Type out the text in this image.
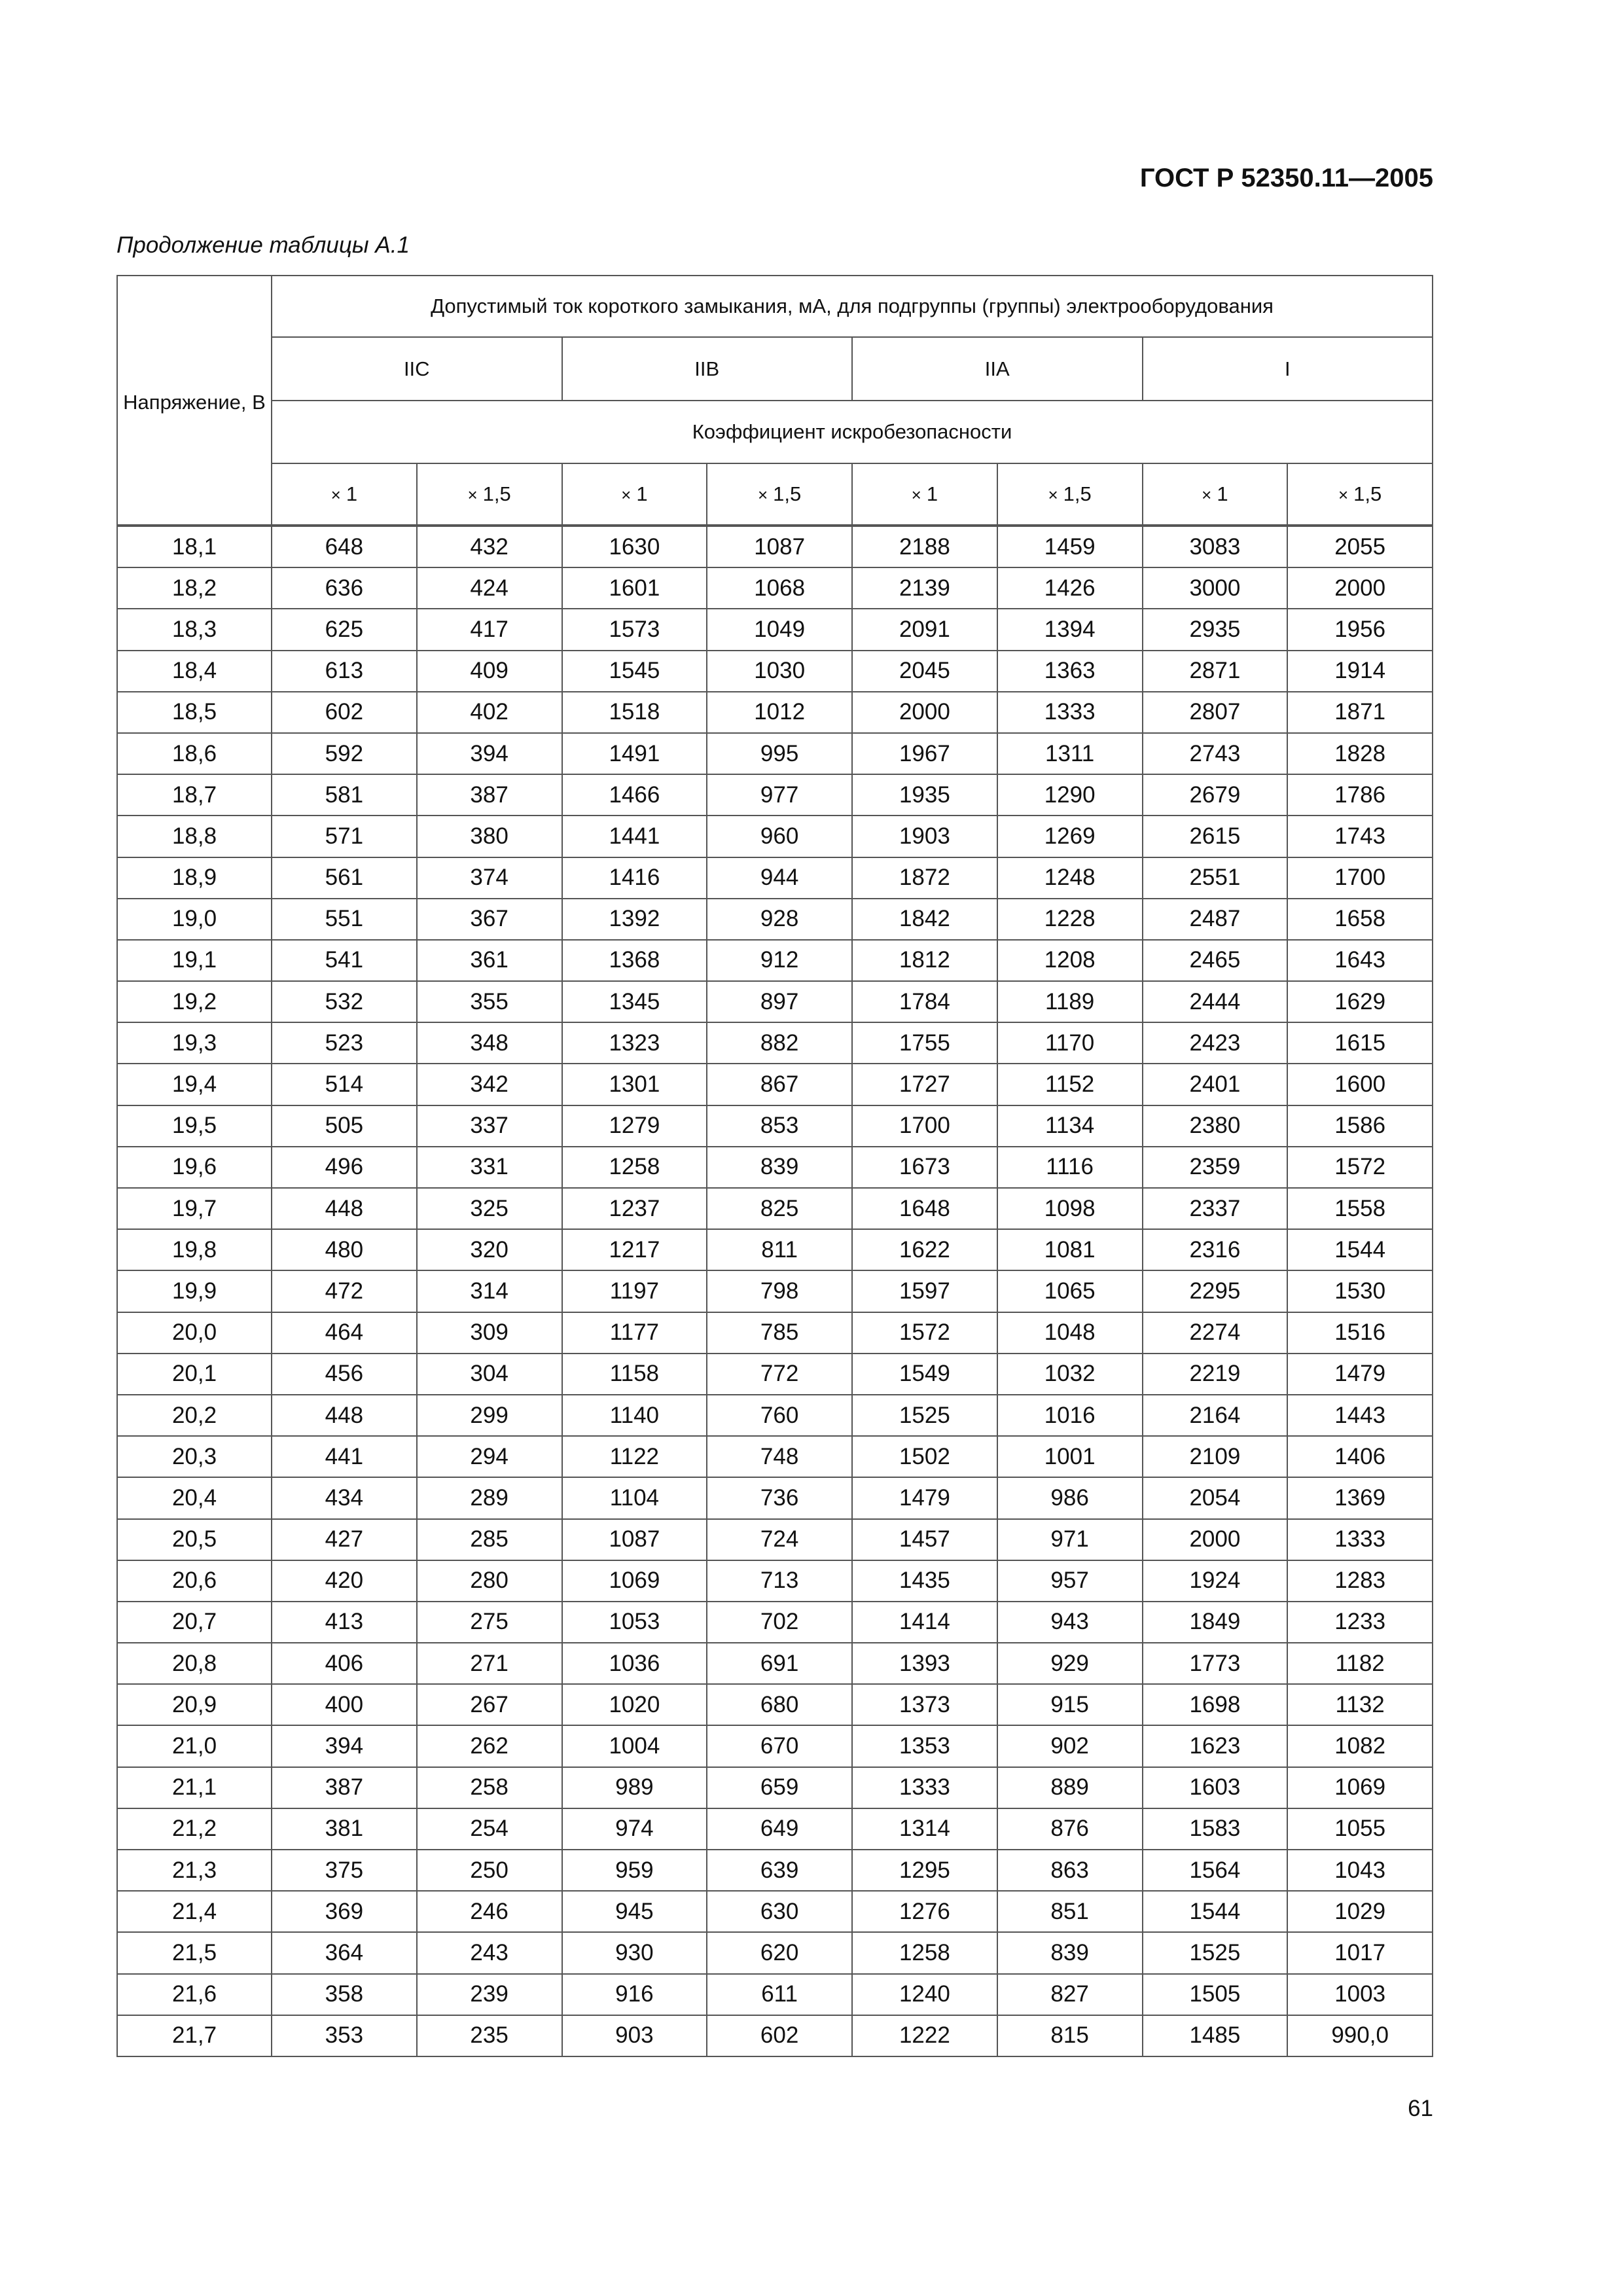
ГОСТ Р 52350.11—2005
Продолжение таблицы А.1
Напряжение, В	Допустимый ток короткого замыкания, мА, для подгруппы (группы) электрооборудования							
	IIC		IIB		IIA		I	
	Коэффициент искробезопасности							
	× 1	× 1,5	× 1	× 1,5	× 1	× 1,5	× 1	× 1,5

18,1	648	432	1630	1087	2188	1459	3083	2055
18,2	636	424	1601	1068	2139	1426	3000	2000
18,3	625	417	1573	1049	2091	1394	2935	1956
18,4	613	409	1545	1030	2045	1363	2871	1914
18,5	602	402	1518	1012	2000	1333	2807	1871
18,6	592	394	1491	995	1967	1311	2743	1828
18,7	581	387	1466	977	1935	1290	2679	1786
18,8	571	380	1441	960	1903	1269	2615	1743
18,9	561	374	1416	944	1872	1248	2551	1700
19,0	551	367	1392	928	1842	1228	2487	1658
19,1	541	361	1368	912	1812	1208	2465	1643
19,2	532	355	1345	897	1784	1189	2444	1629
19,3	523	348	1323	882	1755	1170	2423	1615
19,4	514	342	1301	867	1727	1152	2401	1600
19,5	505	337	1279	853	1700	1134	2380	1586
19,6	496	331	1258	839	1673	1116	2359	1572
19,7	448	325	1237	825	1648	1098	2337	1558
19,8	480	320	1217	811	1622	1081	2316	1544
19,9	472	314	1197	798	1597	1065	2295	1530
20,0	464	309	1177	785	1572	1048	2274	1516
20,1	456	304	1158	772	1549	1032	2219	1479
20,2	448	299	1140	760	1525	1016	2164	1443
20,3	441	294	1122	748	1502	1001	2109	1406
20,4	434	289	1104	736	1479	986	2054	1369
20,5	427	285	1087	724	1457	971	2000	1333
20,6	420	280	1069	713	1435	957	1924	1283
20,7	413	275	1053	702	1414	943	1849	1233
20,8	406	271	1036	691	1393	929	1773	1182
20,9	400	267	1020	680	1373	915	1698	1132
21,0	394	262	1004	670	1353	902	1623	1082
21,1	387	258	989	659	1333	889	1603	1069
21,2	381	254	974	649	1314	876	1583	1055
21,3	375	250	959	639	1295	863	1564	1043
21,4	369	246	945	630	1276	851	1544	1029
21,5	364	243	930	620	1258	839	1525	1017
21,6	358	239	916	611	1240	827	1505	1003
21,7	353	235	903	602	1222	815	1485	990,0
61
